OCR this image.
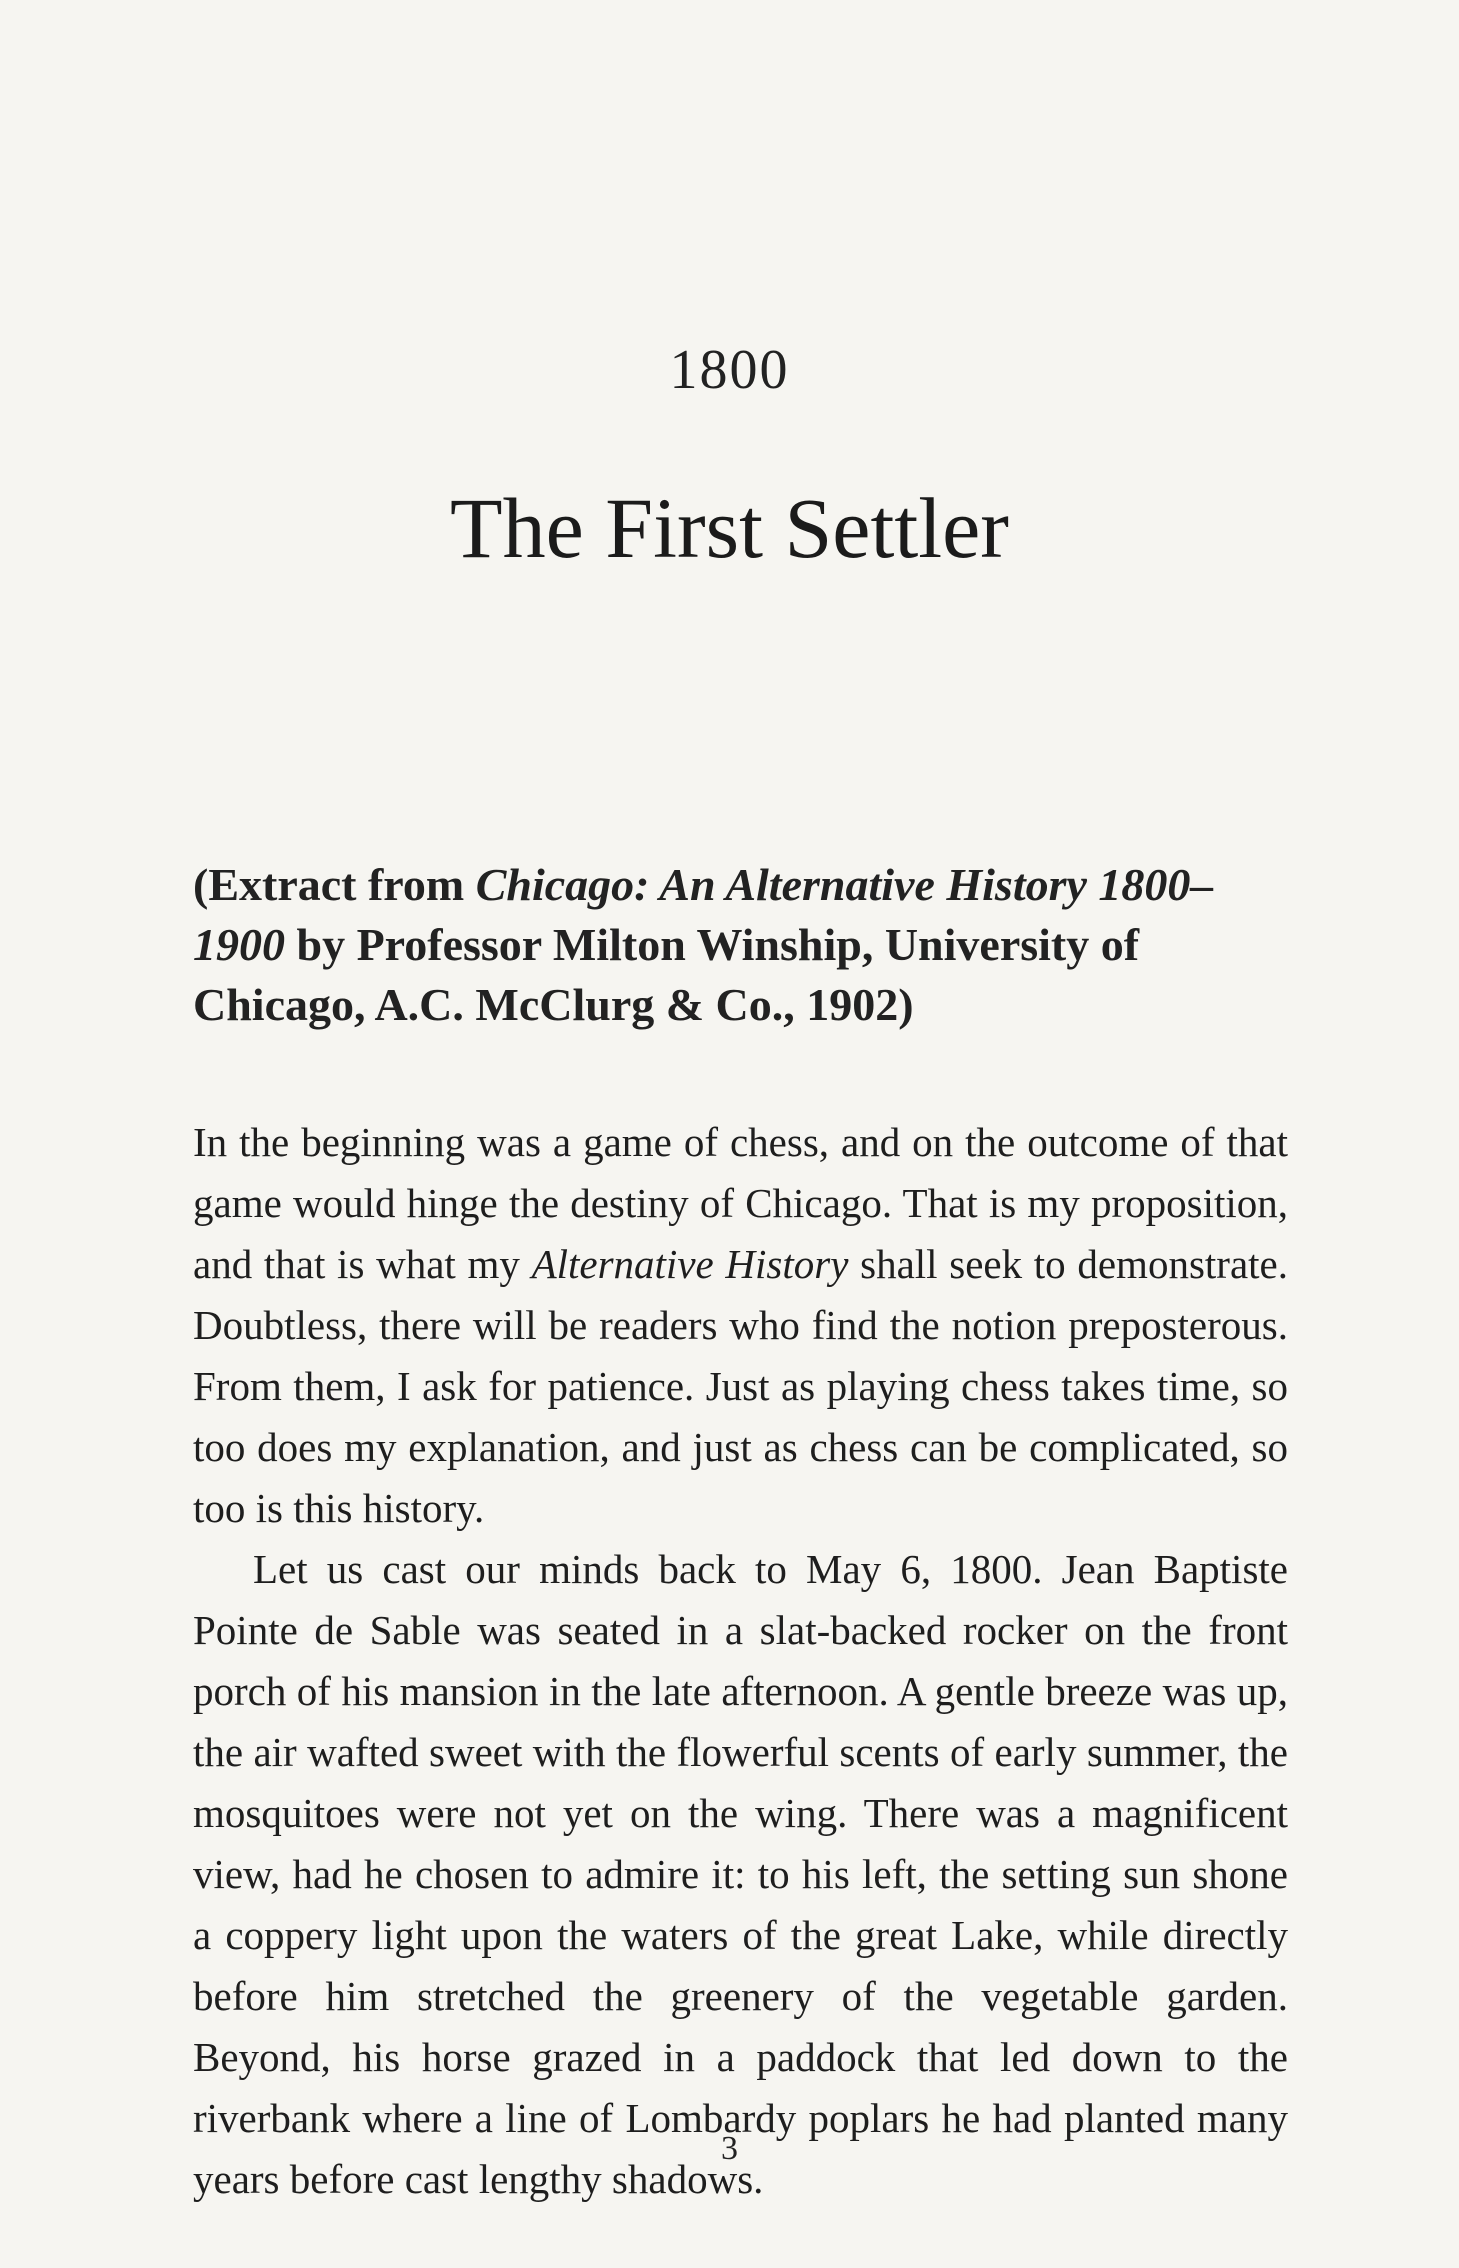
1800
The First Settler
(Extract from Chicago: An Alternative History 1800–1900 by Professor Milton Winship, University of Chicago, A.C. McClurg & Co., 1902)

In the beginning was a game of chess, and on the outcome of that game would hinge the destiny of Chicago. That is my proposition, and that is what my Alternative History shall seek to demonstrate. Doubtless, there will be readers who find the notion preposterous. From them, I ask for patience. Just as playing chess takes time, so too does my explanation, and just as chess can be complicated, so too is this history.

Let us cast our minds back to May 6, 1800. Jean Baptiste Pointe de Sable was seated in a slat-backed rocker on the front porch of his mansion in the late afternoon. A gentle breeze was up, the air wafted sweet with the flowerful scents of early summer, the mosquitoes were not yet on the wing. There was a magnificent view, had he chosen to admire it: to his left, the setting sun shone a coppery light upon the waters of the great Lake, while directly before him stretched the greenery of the vegetable garden. Beyond, his horse grazed in a paddock that led down to the riverbank where a line of Lombardy poplars he had planted many years before cast lengthy shadows.

3
